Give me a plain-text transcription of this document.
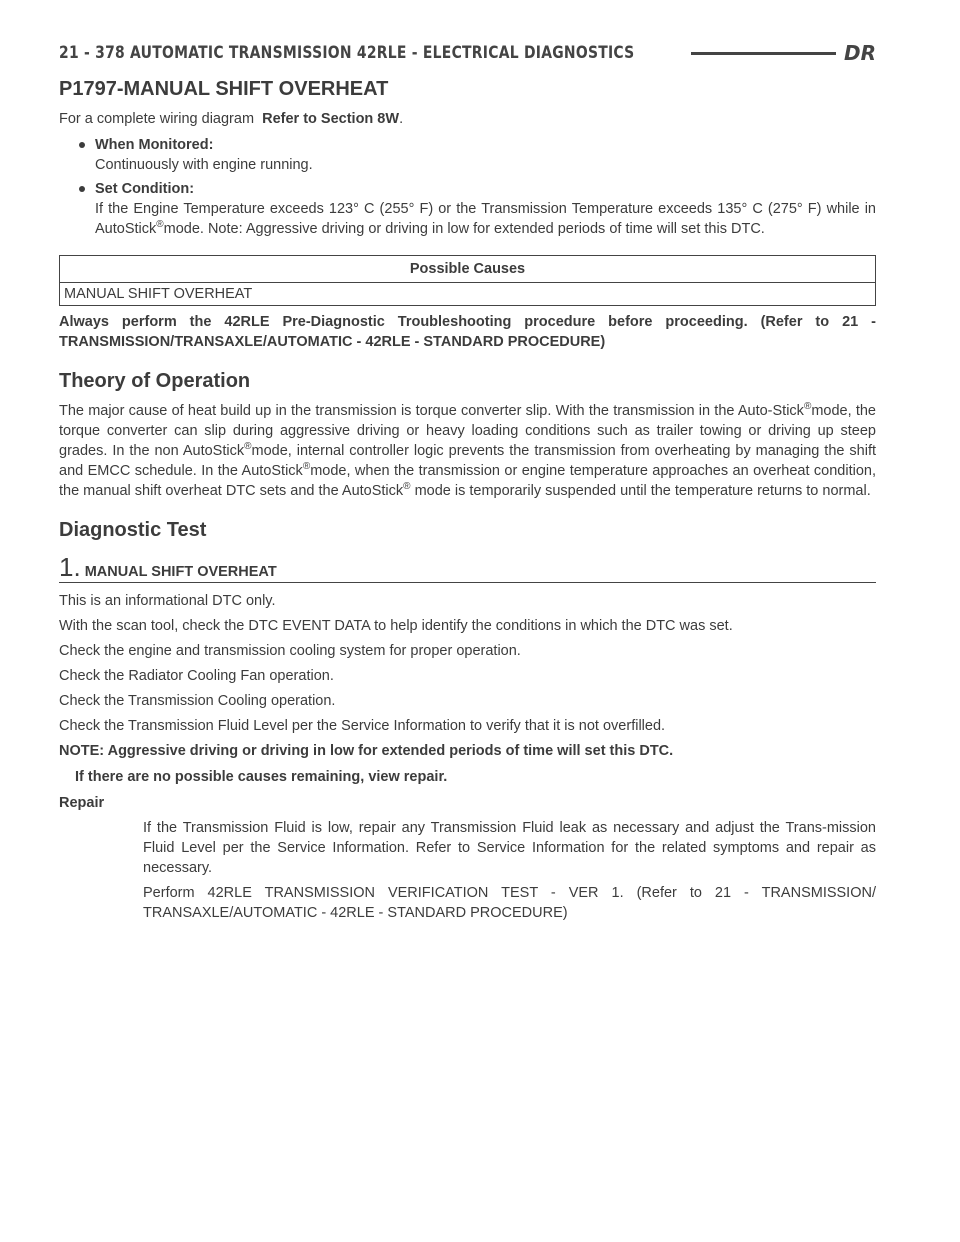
21 - 378 AUTOMATIC TRANSMISSION 42RLE - ELECTRICAL DIAGNOSTICS	DR
P1797-MANUAL SHIFT OVERHEAT

For a complete wiring diagram Refer to Section 8W.

When Monitored:
Continuously with engine running.
Set Condition:
If the Engine Temperature exceeds 123° C (255° F) or the Transmission Temperature exceeds 135° C (275° F) while in AutoStick®mode. Note: Aggressive driving or driving in low for extended periods of time will set this DTC.
Possible Causes
MANUAL SHIFT OVERHEAT

Always perform the 42RLE Pre-Diagnostic Troubleshooting procedure before proceeding. (Refer to 21 - TRANSMISSION/TRANSAXLE/AUTOMATIC - 42RLE - STANDARD PROCEDURE)

Theory of Operation

The major cause of heat build up in the transmission is torque converter slip. With the transmission in the Auto-Stick®mode, the torque converter can slip during aggressive driving or heavy loading conditions such as trailer towing or driving up steep grades. In the non AutoStick®mode, internal controller logic prevents the transmission from overheating by managing the shift and EMCC schedule. In the AutoStick®mode, when the transmission or engine temperature approaches an overheat condition, the manual shift overheat DTC sets and the AutoStick® mode is temporarily suspended until the temperature returns to normal.

Diagnostic Test
1. MANUAL SHIFT OVERHEAT

This is an informational DTC only.

With the scan tool, check the DTC EVENT DATA to help identify the conditions in which the DTC was set.

Check the engine and transmission cooling system for proper operation.

Check the Radiator Cooling Fan operation.

Check the Transmission Cooling operation.

Check the Transmission Fluid Level per the Service Information to verify that it is not overfilled.

NOTE: Aggressive driving or driving in low for extended periods of time will set this DTC.

If there are no possible causes remaining, view repair.

Repair

If the Transmission Fluid is low, repair any Transmission Fluid leak as necessary and adjust the Trans-mission Fluid Level per the Service Information. Refer to Service Information for the related symptoms and repair as necessary.

Perform 42RLE TRANSMISSION VERIFICATION TEST - VER 1. (Refer to 21 - TRANSMISSION/ TRANSAXLE/AUTOMATIC - 42RLE - STANDARD PROCEDURE)
